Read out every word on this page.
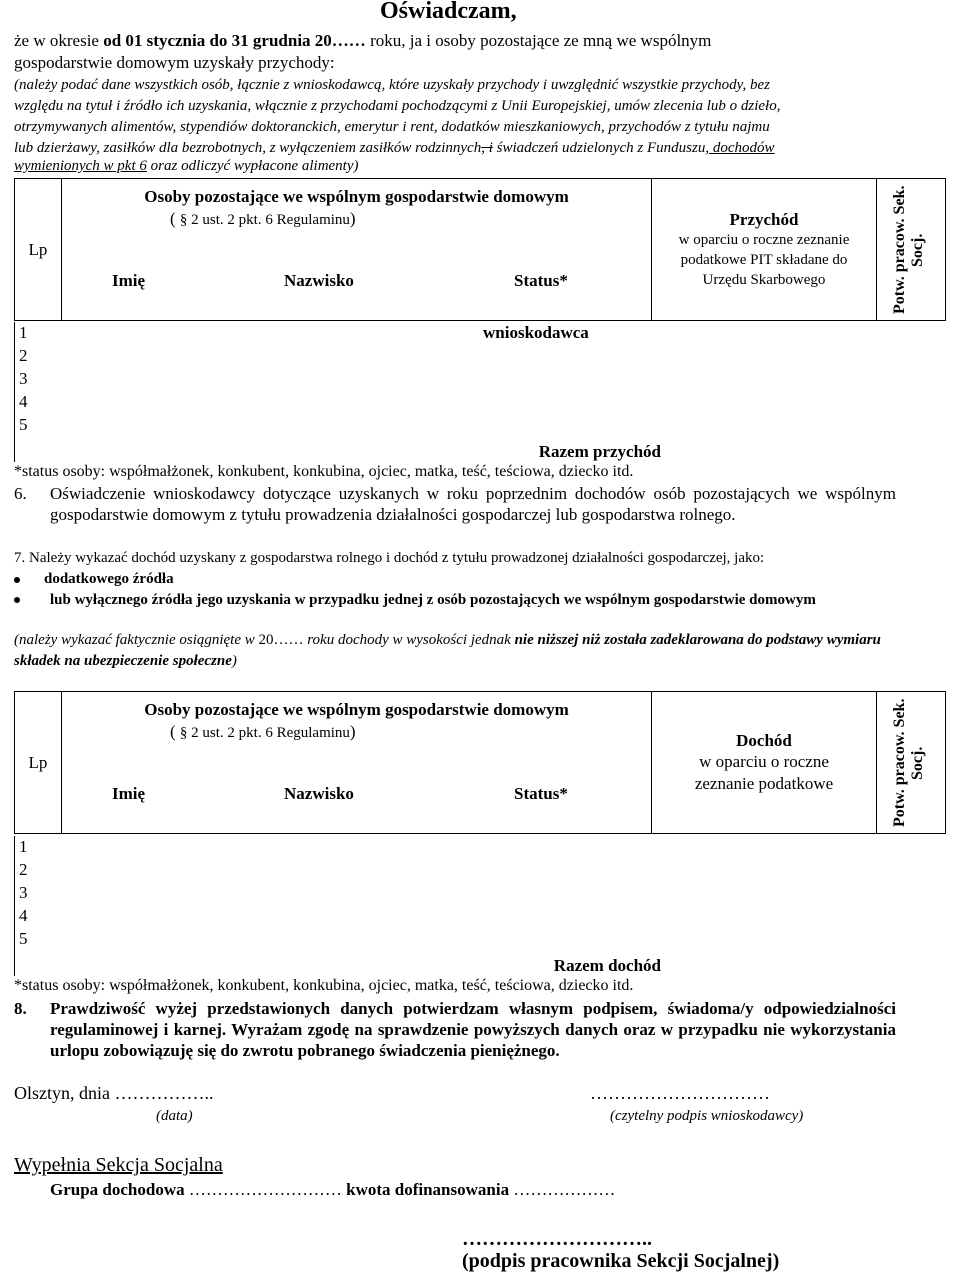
Oświadczam,
że w okresie od 01 stycznia do 31 grudnia 20…… roku, ja i osoby pozostające ze mną we wspólnym
gospodarstwie domowym uzyskały przychody:
(należy podać dane wszystkich osób, łącznie z wnioskodawcą, które uzyskały przychody i uwzględnić wszystkie przychody, bez
względu na tytuł i źródło ich uzyskania, włącznie z przychodami pochodzącymi z Unii Europejskiej, umów zlecenia lub o dzieło,
otrzymywanych alimentów, stypendiów doktoranckich, emerytur i rent, dodatków mieszkaniowych, przychodów z tytułu najmu
lub dzierżawy, zasiłków dla bezrobotnych, z wyłączeniem zasiłków rodzinnych, i świadczeń udzielonych z Funduszu, dochodów
wymienionych w pkt 6 oraz odliczyć wypłacone alimenty)
Lp	
Osoby pozostające we wspólnym gospodarstwie domowym
( § 2 ust. 2 pkt. 6 Regulaminu)
Imię	Nazwisko	Status*

Przychód
w oparciu o roczne zeznanie podatkowe PIT składane do Urzędu Skarbowego	Potw. pracow. Sek. Socj.
1	wnioskodawca
2
3
4
5
Razem przychód
*status osoby: współmałżonek, konkubent, konkubina, ojciec, matka, teść, teściowa, dziecko itd.
6. Oświadczenie wnioskodawcy dotyczące uzyskanych w roku poprzednim dochodów osób pozostających we wspólnym gospodarstwie domowym z tytułu prowadzenia działalności gospodarczej lub gospodarstwa rolnego.
7. Należy wykazać dochód uzyskany z gospodarstwa rolnego i dochód z tytułu prowadzonej działalności gospodarczej, jako:
dodatkowego źródła
lub wyłącznego źródła jego uzyskania w przypadku jednej z osób pozostających we wspólnym gospodarstwie domowym
(należy wykazać faktycznie osiągnięte w 20…… roku dochody w wysokości jednak nie niższej niż została zadeklarowana do podstawy wymiaru składek na ubezpieczenie społeczne)
Lp	
Osoby pozostające we wspólnym gospodarstwie domowym
( § 2 ust. 2 pkt. 6 Regulaminu)
Imię	Nazwisko	Status*

Dochód
w oparciu o roczne zeznanie podatkowe	Potw. pracow. Sek. Socj.
1
2
3
4
5
Razem dochód
*status osoby: współmałżonek, konkubent, konkubina, ojciec, matka, teść, teściowa, dziecko itd.
8. Prawdziwość wyżej przedstawionych danych potwierdzam własnym podpisem, świadoma/y odpowiedzialności regulaminowej i karnej. Wyrażam zgodę na sprawdzenie powyższych danych oraz w przypadku nie wykorzystania urlopu zobowiązuję się do zwrotu pobranego świadczenia pieniężnego.
Olsztyn, dnia ……………..
(data)
…………………………
(czytelny podpis wnioskodawcy)
Wypełnia Sekcja Socjalna
Grupa dochodowa ……………………… kwota dofinansowania ………………
………………………..
(podpis pracownika Sekcji Socjalnej)
